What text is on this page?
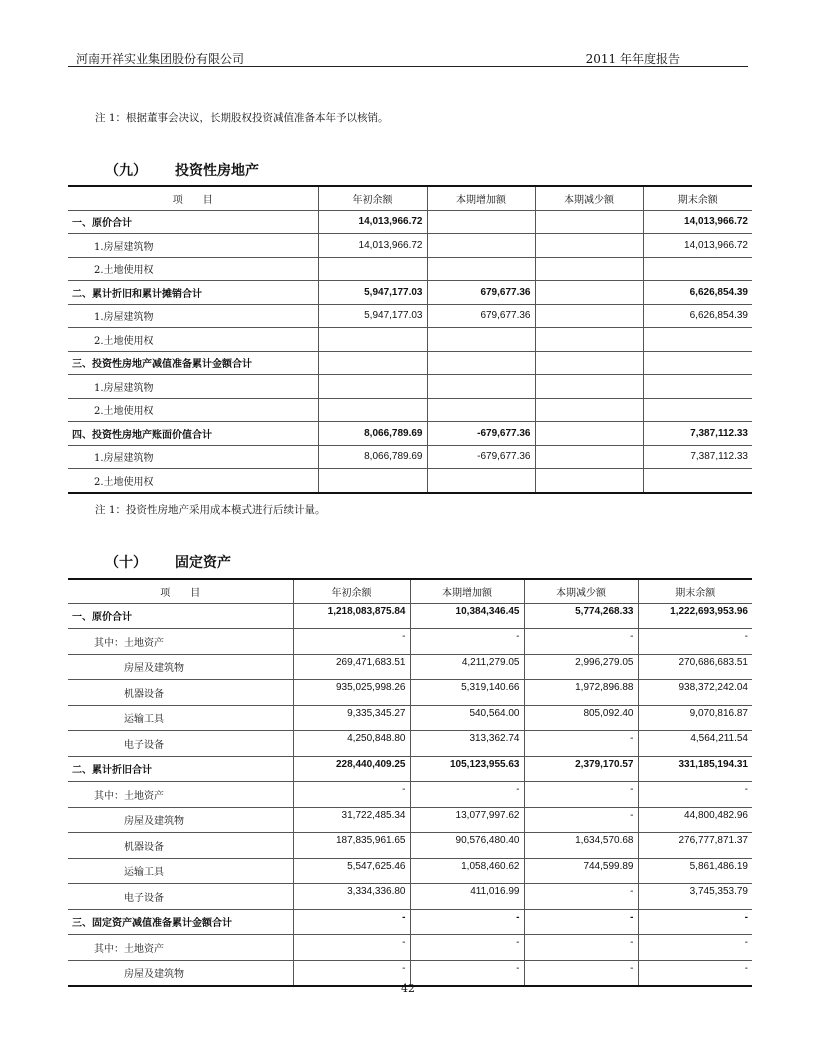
河南开祥实业集团股份有限公司	2011 年年度报告
注 1：根据董事会决议，长期股权投资减值准备本年予以核销。
（九） 投资性房地产
项　　目	年初余额	本期增加额	本期减少额	期末余额
一、原价合计	14,013,966.72			14,013,966.72
1.房屋建筑物	14,013,966.72			14,013,966.72
2.土地使用权				
二、累计折旧和累计摊销合计	5,947,177.03	679,677.36		6,626,854.39
1.房屋建筑物	5,947,177.03	679,677.36		6,626,854.39
2.土地使用权				
三、投资性房地产减值准备累计金额合计				
1.房屋建筑物				
2.土地使用权				
四、投资性房地产账面价值合计	8,066,789.69	-679,677.36		7,387,112.33
1.房屋建筑物	8,066,789.69	-679,677.36		7,387,112.33
2.土地使用权				
注 1：投资性房地产采用成本模式进行后续计量。
（十） 固定资产
项　　目	年初余额	本期增加额	本期减少额	期末余额
一、原价合计	1,218,083,875.84	10,384,346.45	5,774,268.33	1,222,693,953.96
其中：土地资产	-	-	-	-
房屋及建筑物	269,471,683.51	4,211,279.05	2,996,279.05	270,686,683.51
机器设备	935,025,998.26	5,319,140.66	1,972,896.88	938,372,242.04
运输工具	9,335,345.27	540,564.00	805,092.40	9,070,816.87
电子设备	4,250,848.80	313,362.74	-	4,564,211.54
二、累计折旧合计	228,440,409.25	105,123,955.63	2,379,170.57	331,185,194.31
其中：土地资产	-	-	-	-
房屋及建筑物	31,722,485.34	13,077,997.62	-	44,800,482.96
机器设备	187,835,961.65	90,576,480.40	1,634,570.68	276,777,871.37
运输工具	5,547,625.46	1,058,460.62	744,599.89	5,861,486.19
电子设备	3,334,336.80	411,016.99	-	3,745,353.79
三、固定资产减值准备累计金额合计	-	-	-	-
其中：土地资产	-	-	-	-
房屋及建筑物	-	-	-	-
42
